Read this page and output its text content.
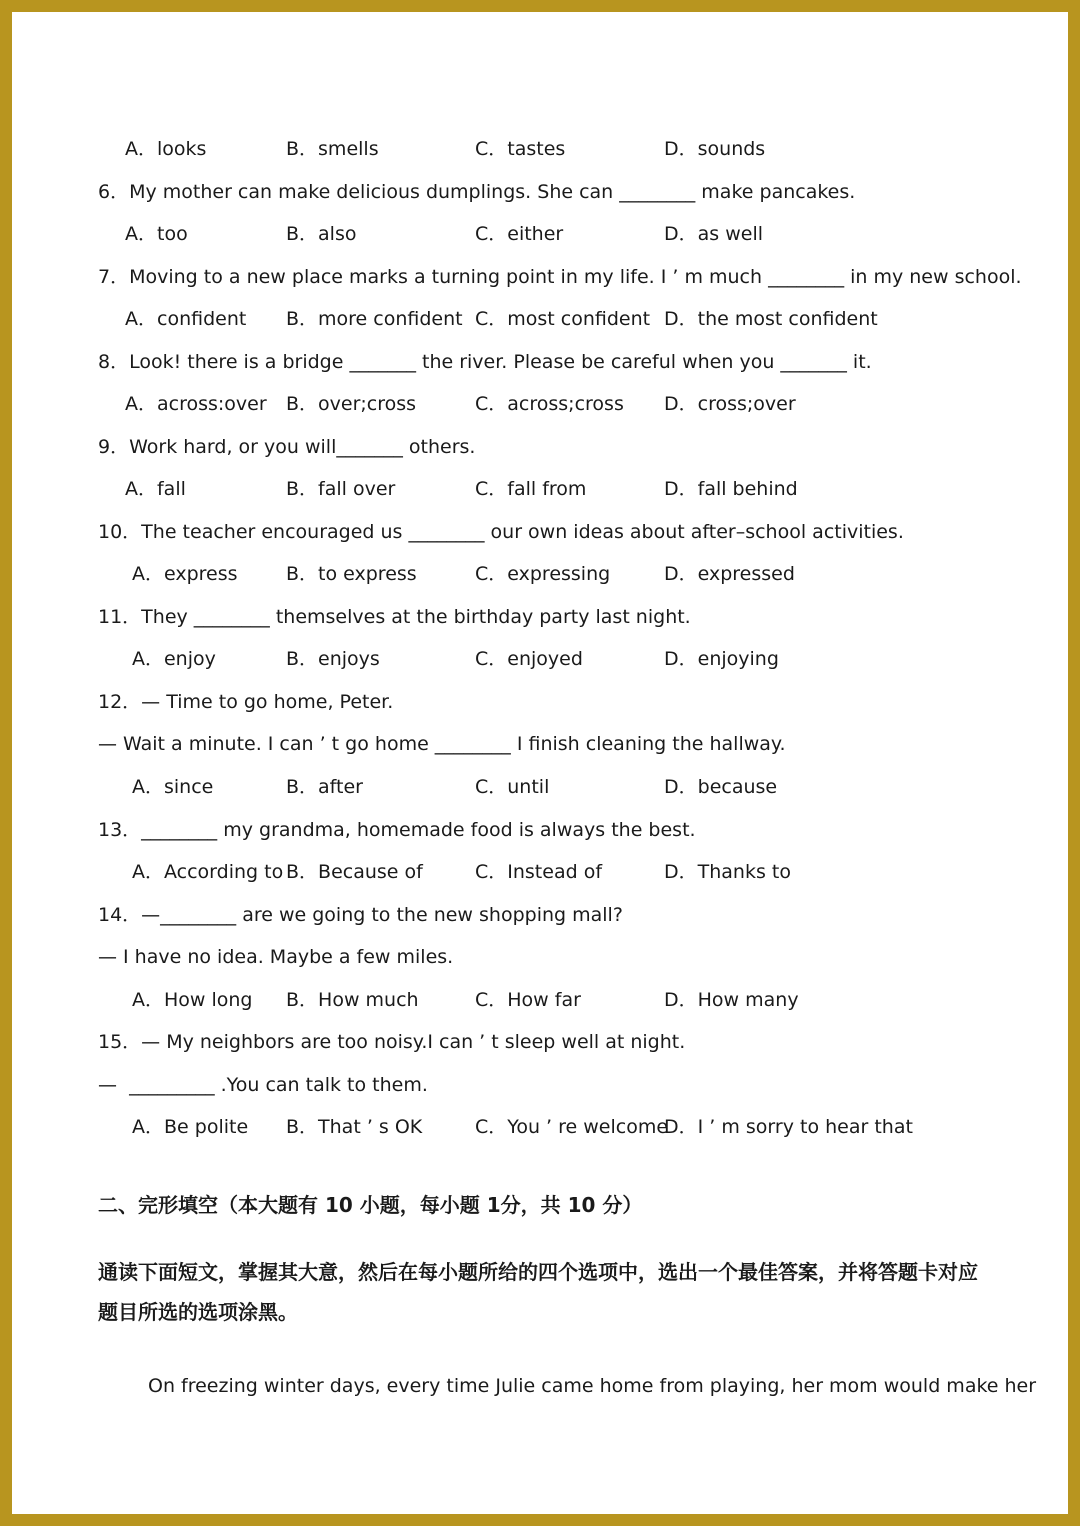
A．looks	B．smells	C．tastes	D．sounds
6．My mother can make delicious dumplings. She can ________ make pancakes.
A．too	B．also	C．either	D．as well
7．Moving to a new place marks a turning point in my life. I ’ m much ________ in my new school.
A．confident B．more confident C．most confident D．the most confident
8．Look! there is a bridge _______ the river. Please be careful when you _______ it.
A．across:over B．over;cross	C．across;cross D．cross;over
9．Work hard, or you will_______ others.
A．fall	B．fall over	C．fall from	D．fall behind
10．The teacher encouraged us ________ our own ideas about after–school activities.
A．express	B．to express	C．expressing	D．expressed
11．They ________ themselves at the birthday party last night.
A．enjoy	B．enjoys	C．enjoyed	D．enjoying
12．— Time to go home, Peter.
— Wait a minute. I can ’ t go home ________ I finish cleaning the hallway.
A．since	B．after	C．until	D．because
13．________ my grandma, homemade food is always the best.
A．According to B．Because of	C．Instead of	D．Thanks to
14．—________ are we going to the new shopping mall?
— I have no idea. Maybe a few miles.
A．How long B．How much	C．How far	D．How many
15．— My neighbors are too noisy.I can ’ t sleep well at night.
—  _________ .You can talk to them.
A．Be polite B．That ’ s OK	C．You ’ re welcome
D．I ’ m sorry to hear that
二、完形填空（本大题有 10 小题，每小题 1分，共 10 分）
通读下面短文，掌握其大意，然后在每小题所给的四个选项中，选出一个最佳答案，并将答题卡对应题目所选的选项涂黑。
On freezing winter days, every time Julie came home from playing, her mom would make her
